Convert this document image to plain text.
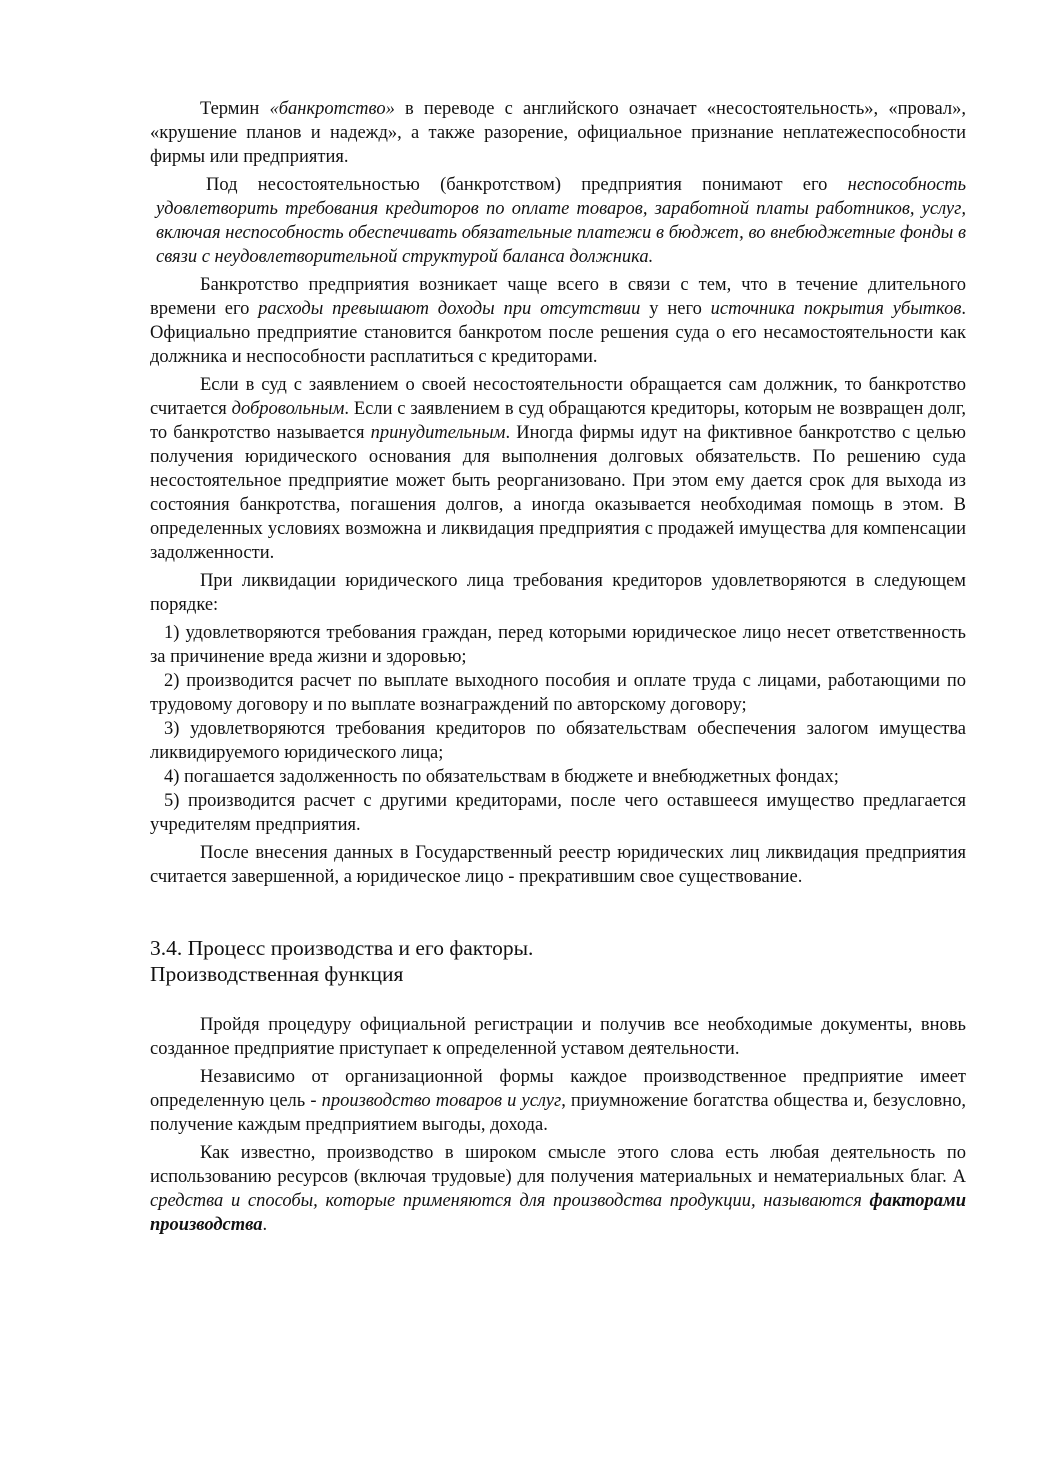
Термин «банкротство» в переводе с английского означает «несостоятельность», «провал», «крушение планов и надежд», а также разорение, официальное признание неплатежеспособности фирмы или предприятия.

Под несостоятельностью (банкротством) предприятия понимают его неспособность удовлетворить требования кредиторов по оплате товаров, заработной платы работников, услуг, включая неспособность обеспечивать обязательные платежи в бюджет, во внебюджетные фонды в связи с неудовлетворительной структурой баланса должника.

Банкротство предприятия возникает чаще всего в связи с тем, что в течение длительного времени его расходы превышают доходы при отсутствии у него источника покрытия убытков. Официально предприятие становится банкротом после решения суда о его несамостоятельности как должника и неспособности расплатиться с кредиторами.

Если в суд с заявлением о своей несостоятельности обращается сам должник, то банкротство считается добровольным. Если с заявлением в суд обращаются кредиторы, которым не возвращен долг, то банкротство называется принудительным. Иногда фирмы идут на фиктивное банкротство с целью получения юридического основания для выполнения долговых обязательств. По решению суда несостоятельное предприятие может быть реорганизовано. При этом ему дается срок для выхода из состояния банкротства, погашения долгов, а иногда оказывается необходимая помощь в этом. В определенных условиях возможна и ликвидация предприятия с продажей имущества для компенсации задолженности.

При ликвидации юридического лица требования кредиторов удовлетворяются в следующем порядке:

1) удовлетворяются требования граждан, перед которыми юридическое лицо несет ответственность за причинение вреда жизни и здоровью;

2) производится расчет по выплате выходного пособия и оплате труда с лицами, работающими по трудовому договору и по выплате вознаграждений по авторскому договору;

3) удовлетворяются требования кредиторов по обязательствам обеспечения залогом имущества ликвидируемого юридического лица;

4) погашается задолженность по обязательствам в бюджете и внебюджетных фондах;

5) производится расчет с другими кредиторами, после чего оставшееся имущество предлагается учредителям предприятия.

После внесения данных в Государственный реестр юридических лиц ликвидация предприятия считается завершенной, а юридическое лицо - прекратившим свое существование.

3.4. Процесс производства и его факторы.

Производственная функция

Пройдя процедуру официальной регистрации и получив все необходимые документы, вновь созданное предприятие приступает к определенной уставом деятельности.

Независимо от организационной формы каждое производственное предприятие имеет определенную цель - производство товаров и услуг, приумножение богатства общества и, безусловно, получение каждым предприятием выгоды, дохода.

Как известно, производство в широком смысле этого слова есть любая деятельность по использованию ресурсов (включая трудовые) для получения материальных и нематериальных благ. А средства и способы, которые применяются для производства продукции, называются факторами производства.
